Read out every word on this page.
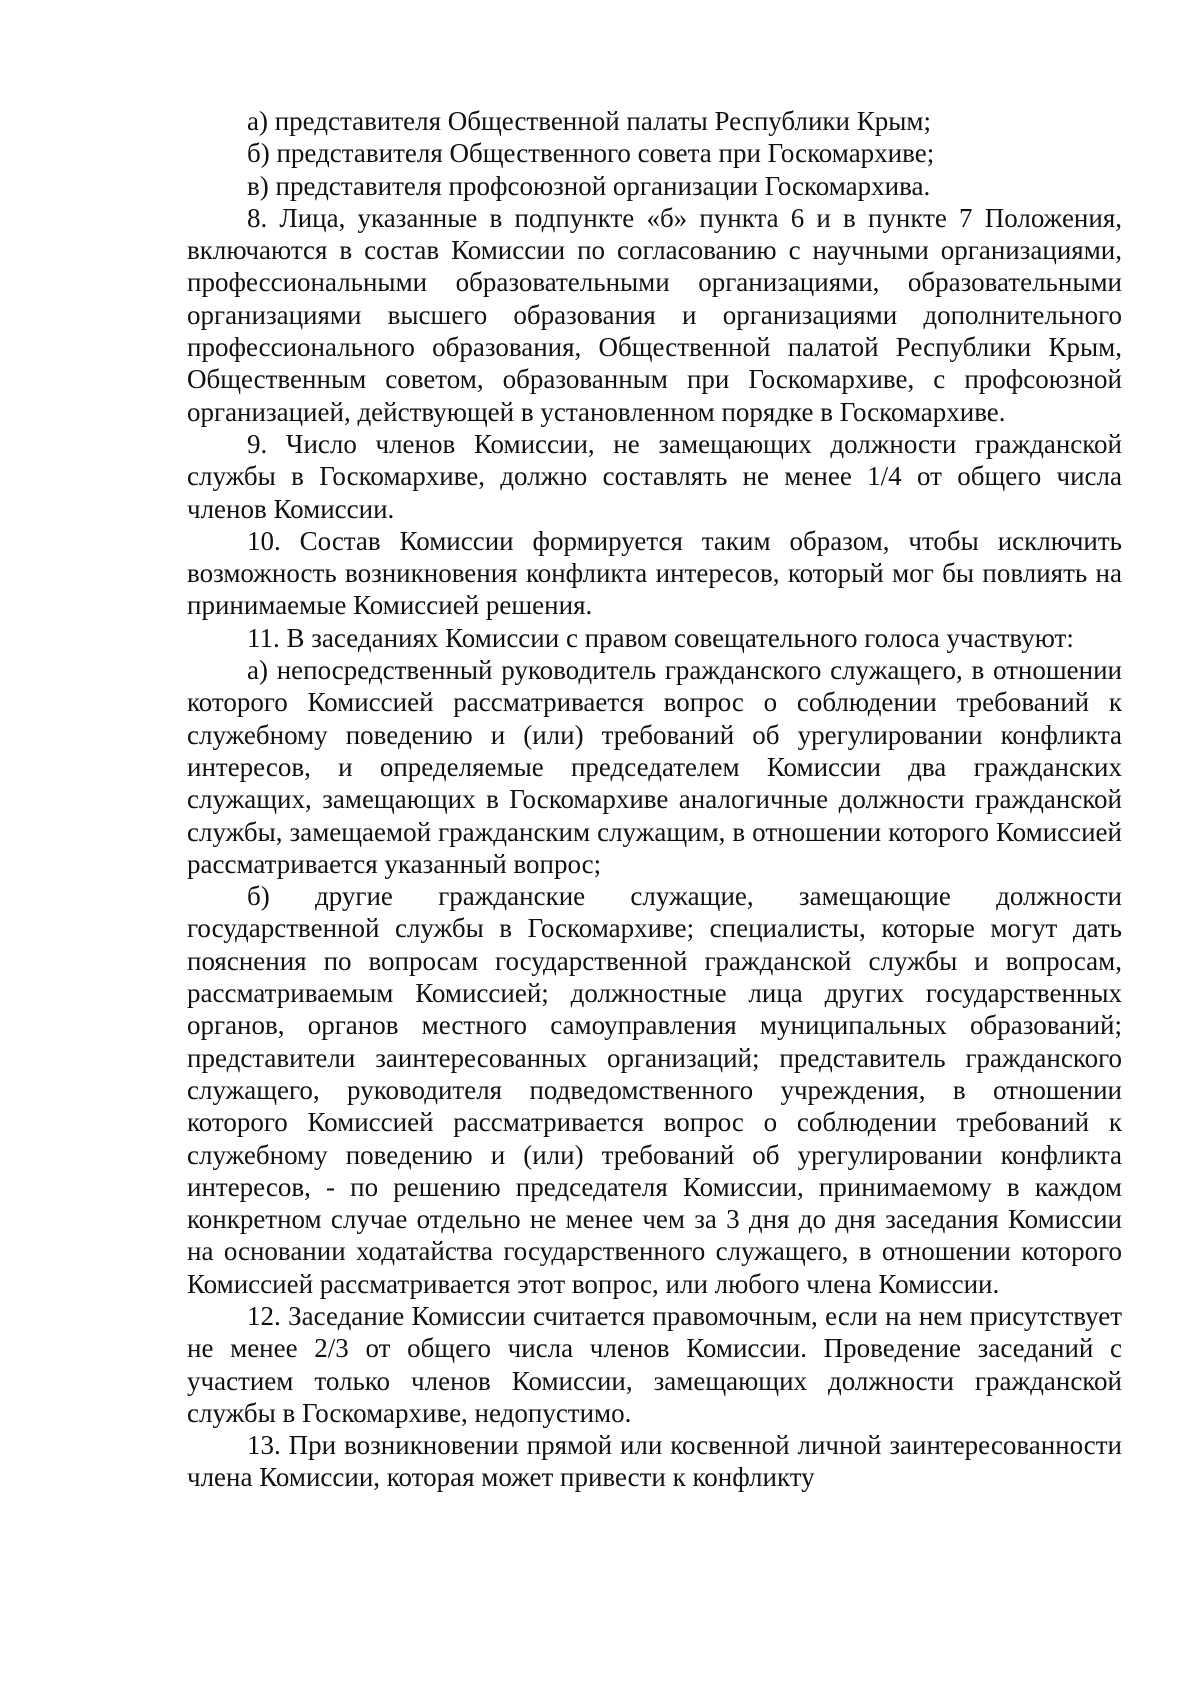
а) представителя Общественной палаты Республики Крым;

б) представителя Общественного совета при Госкомархиве;

в) представителя профсоюзной организации Госкомархива.

8. Лица, указанные в подпункте «б» пункта 6 и в пункте 7 Положения, включаются в состав Комиссии по согласованию с научными организациями, профессиональными образовательными организациями, образовательными организациями высшего образования и организациями дополнительного профессионального образования, Общественной палатой Республики Крым, Общественным советом, образованным при Госкомархиве, с профсоюзной организацией, действующей в установленном порядке в Госкомархиве.

9. Число членов Комиссии, не замещающих должности гражданской службы в Госкомархиве, должно составлять не менее 1/4 от общего числа членов Комиссии.

10. Состав Комиссии формируется таким образом, чтобы исключить возможность возникновения конфликта интересов, который мог бы повлиять на принимаемые Комиссией решения.

11. В заседаниях Комиссии с правом совещательного голоса участвуют:

а) непосредственный руководитель гражданского служащего, в отношении которого Комиссией рассматривается вопрос о соблюдении требований к служебному поведению и (или) требований об урегулировании конфликта интересов, и определяемые председателем Комиссии два гражданских служащих, замещающих в Госкомархиве аналогичные должности гражданской службы, замещаемой гражданским служащим, в отношении которого Комиссией рассматривается указанный вопрос;

б) другие гражданские служащие, замещающие должности государственной службы в Госкомархиве; специалисты, которые могут дать пояснения по вопросам государственной гражданской службы и вопросам, рассматриваемым Комиссией; должностные лица других государственных органов, органов местного самоуправления муниципальных образований; представители заинтересованных организаций; представитель гражданского служащего, руководителя подведомственного учреждения, в отношении которого Комиссией рассматривается вопрос о соблюдении требований к служебному поведению и (или) требований об урегулировании конфликта интересов, - по решению председателя Комиссии, принимаемому в каждом конкретном случае отдельно не менее чем за 3 дня до дня заседания Комиссии на основании ходатайства государственного служащего, в отношении которого Комиссией рассматривается этот вопрос, или любого члена Комиссии.

12. Заседание Комиссии считается правомочным, если на нем присутствует не менее 2/3 от общего числа членов Комиссии. Проведение заседаний с участием только членов Комиссии, замещающих должности гражданской службы в Госкомархиве, недопустимо.

13. При возникновении прямой или косвенной личной заинтересованности члена Комиссии, которая может привести к конфликту
